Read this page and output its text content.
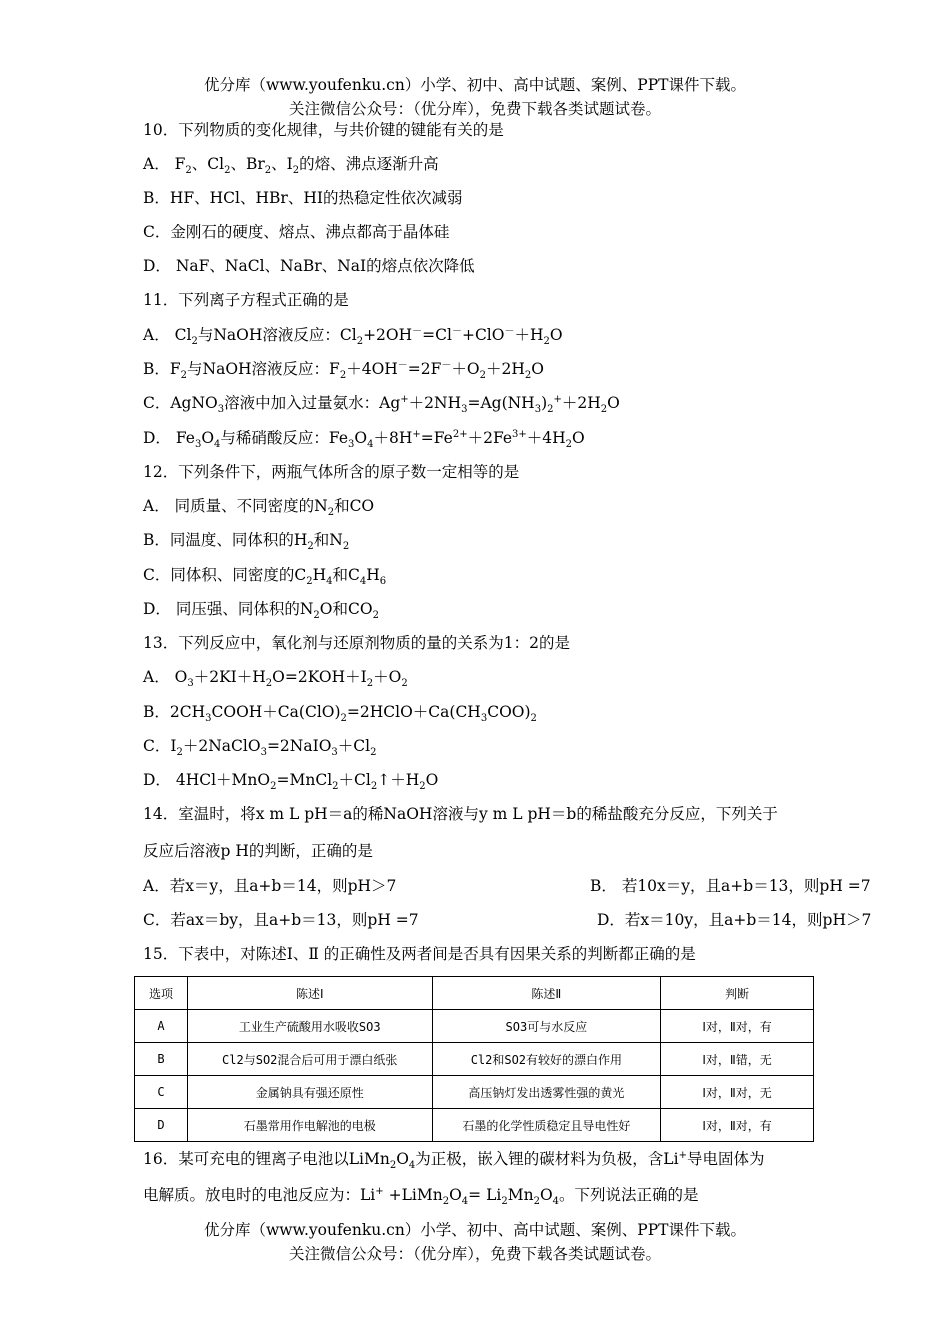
优分库（www.youfenku.cn）小学、初中、高中试题、案例、PPT课件下载。
关注微信公众号：（优分库），免费下载各类试题试卷。
10．下列物质的变化规律，与共价键的键能有关的是
A． $F_2$、$Cl_2$、$Br_2$、$I_2$的熔、沸点逐渐升高
B．HF、HCl、HBr、HI的热稳定性依次减弱
C．金刚石的硬度、熔点、沸点都高于晶体硅
D． NaF、NaCl、NaBr、NaI的熔点依次降低
11．下列离子方程式正确的是
A． $Cl_2$与NaOH溶液反应：$Cl_2+2OH^-=Cl^-+ClO^-+H_2O$
B．$F_2$与NaOH溶液反应：$F_2+4OH^-=2F^-+O_2+2H_2O$
C．AgNO$_3$溶液中加入过量氨水：$Ag^++2NH_3=Ag(NH_3)_2^++2H_2O$
D． $Fe_3O_4$与稀硝酸反应：$Fe_3O_4+8H^+=Fe^{2+}+2Fe^{3+}+4H_2O$
12．下列条件下，两瓶气体所含的原子数一定相等的是
A． 同质量、不同密度的$N_2$和CO
B．同温度、同体积的$H_2$和$N_2$
C．同体积、同密度的$C_2H_4$和$C_4H_6$
D． 同压强、同体积的$N_2O$和$CO_2$
13．下列反应中，氧化剂与还原剂物质的量的关系为1：2的是
A． $O_3+2KI+H_2O=2KOH+I_2+O_2$
B．$2CH_3COOH+Ca(ClO)_2=2HClO+Ca(CH_3COO)_2$
C．$I_2+2NaClO_3=2NaIO_3+Cl_2$
D． $4HCl+MnO_2=MnCl_2+Cl_2↑+H_2O$
14．室温时，将x m L pH＝a的稀NaOH溶液与y m L pH＝b的稀盐酸充分反应，下列关于
反应后溶液p H的判断，正确的是
A．若x＝y，且a+b＝14，则pH＞7	B． 若10x＝y，且a+b＝13，则pH =7
C．若ax＝by，且a+b＝13，则pH =7	D．若x＝10y，且a+b＝14，则pH＞7
15．下表中，对陈述Ⅰ、Ⅱ 的正确性及两者间是否具有因果关系的判断都正确的是
选项	陈述Ⅰ	陈述Ⅱ	判断
A	工业生产硫酸用水吸收SO3	SO3可与水反应	Ⅰ对，Ⅱ对，有
B	Cl2与SO2混合后可用于漂白纸张	Cl2和SO2有较好的漂白作用	Ⅰ对，Ⅱ错，无
C	金属钠具有强还原性	高压钠灯发出透雾性强的黄光	Ⅰ对，Ⅱ对，无
D	石墨常用作电解池的电极	石墨的化学性质稳定且导电性好	Ⅰ对，Ⅱ对，有
16．某可充电的锂离子电池以$LiMn_2O_4$为正极，嵌入锂的碳材料为负极，含Li+导电固体为
电解质。放电时的电池反应为：$Li^+ +LiMn_2O_4= Li_2Mn_2O_4$。下列说法正确的是
优分库（www.youfenku.cn）小学、初中、高中试题、案例、PPT课件下载。
关注微信公众号：（优分库），免费下载各类试题试卷。
